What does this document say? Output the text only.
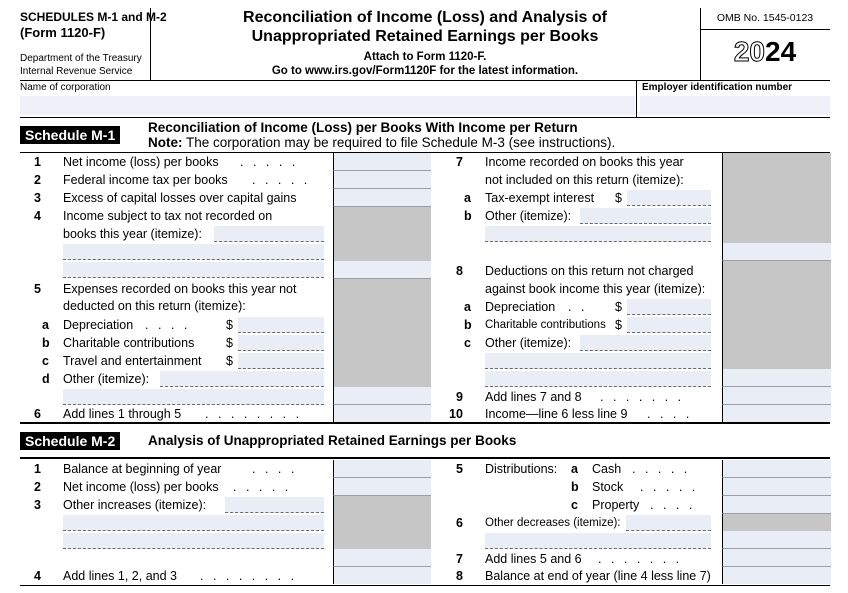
SCHEDULES M-1 and M-2
(Form 1120-F)
Department of the Treasury
Internal Revenue Service
Reconciliation of Income (Loss) and Analysis of
Unappropriated Retained Earnings per Books
Attach to Form 1120-F.
Go to www.irs.gov/Form1120F for the latest information.
OMB No. 1545-0123
2024
Name of corporation	Employer identification number
Schedule M-1	Reconciliation of Income (Loss) per Books With Income per Return
Note: The corporation may be required to file Schedule M-3 (see instructions).
1 Net income (loss) per books . . . . .
2 Federal income tax per books . . . . .
3 Excess of capital losses over capital gains
4 Income subject to tax not recorded on
books this year (itemize):
5 Expenses recorded on books this year not
deducted on this return (itemize):
a Depreciation . . . .	$
b Charitable contributions	$
c Travel and entertainment $
d Other (itemize):
6 Add lines 1 through 5 . . . . . . . .
7 Income recorded on books this year
not included on this return (itemize):
a Tax-exempt interest $
b Other (itemize):
8 Deductions on this return not charged
against book income this year (itemize):
a Depreciation . . $
b Charitable contributions $
c Other (itemize):
9 Add lines 7 and 8 . . . . . . .
10 Income—line 6 less line 9 . . . .
Schedule M-2	Analysis of Unappropriated Retained Earnings per Books
1 Balance at beginning of year . . . .
2 Net income (loss) per books . . . . .
3 Other increases (itemize):
4 Add lines 1, 2, and 3 . . . . . . . .
5 Distributions: a Cash . . . . .
b Stock . . . . .
c Property . . . .
6 Other decreases (itemize):
7 Add lines 5 and 6 . . . . . . .
8 Balance at end of year (line 4 less line 7)
